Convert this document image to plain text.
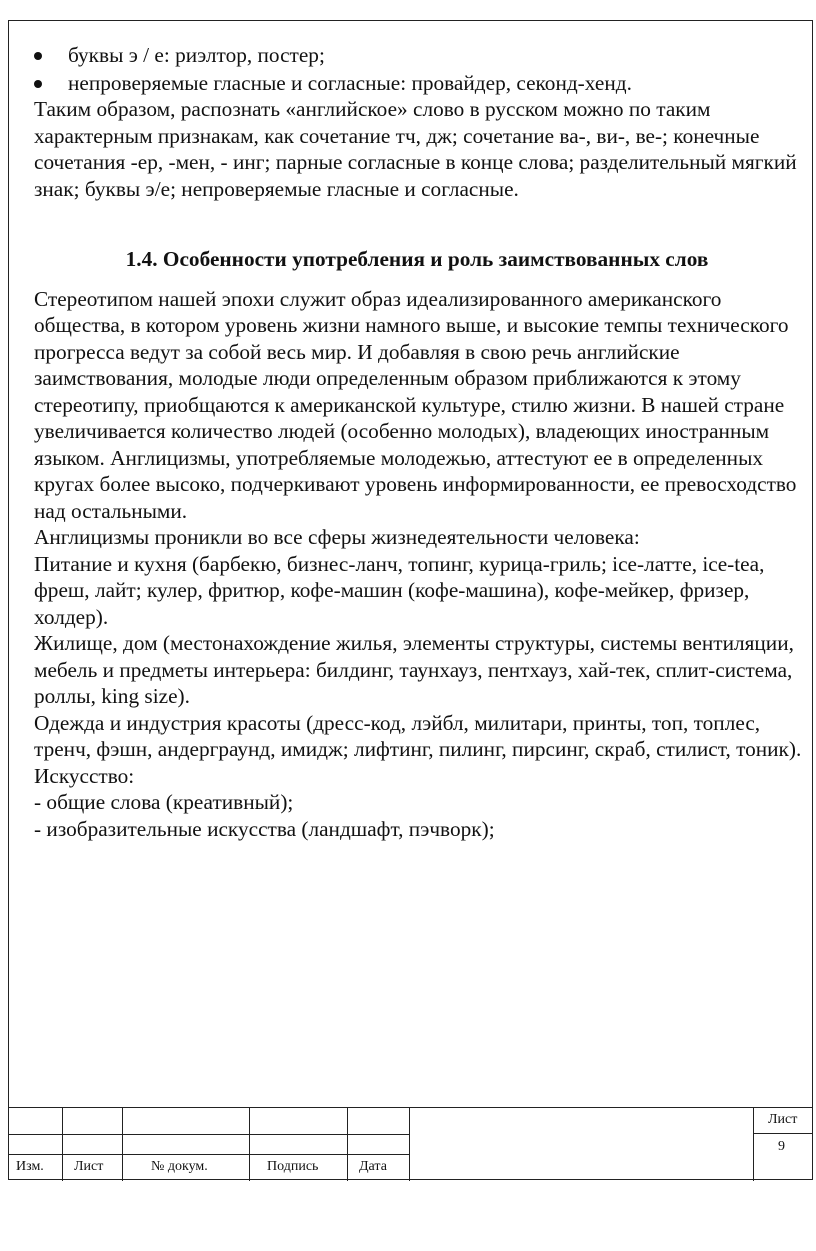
буквы э / е: риэлтор, постер;
непроверяемые гласные и согласные: провайдер, секонд-хенд.

Таким образом, распознать «английское» слово в русском можно по таким характерным признакам, как сочетание тч, дж; сочетание ва-, ви-, ве-; конечные сочетания -ер, -мен, - инг; парные согласные в конце слова; разделительный мягкий знак; буквы э/е; непроверяемые гласные и согласные.

1.4. Особенности употребления и роль заимствованных слов

Стереотипом нашей эпохи служит образ идеализированного американского общества, в котором уровень жизни намного выше, и высокие темпы технического прогресса ведут за собой весь мир. И добавляя в свою речь английские заимствования, молодые люди определенным образом приближаются к этому стереотипу, приобщаются к американской культуре, стилю жизни. В нашей стране увеличивается количество людей (особенно молодых), владеющих иностранным языком. Англицизмы, употребляемые молодежью, аттестуют ее в определенных кругах более высоко, подчеркивают уровень информированности, ее превосходство над остальными.

Англицизмы проникли во все сферы жизнедеятельности человека:

Питание и кухня (барбекю, бизнес-ланч, топинг, курица-гриль; ice-латте, ice-tea, фреш, лайт; кулер, фритюр, кофе-машин (кофе-машина), кофе-мейкер, фризер, холдер).

Жилище, дом (местонахождение жилья, элементы структуры, системы вентиляции, мебель и предметы интерьера: билдинг, таунхауз, пентхауз, хай-тек, сплит-система, роллы, king size).

Одежда и индустрия красоты (дресс-код, лэйбл, милитари, принты, топ, топлес, тренч, фэшн, андерграунд, имидж; лифтинг, пилинг, пирсинг, скраб, стилист, тоник).

Искусство:

- общие слова (креативный);

- изобразительные искусства (ландшафт, пэчворк);

Изм. Лист	№ докум.	Подпись	Дата
Лист
9
